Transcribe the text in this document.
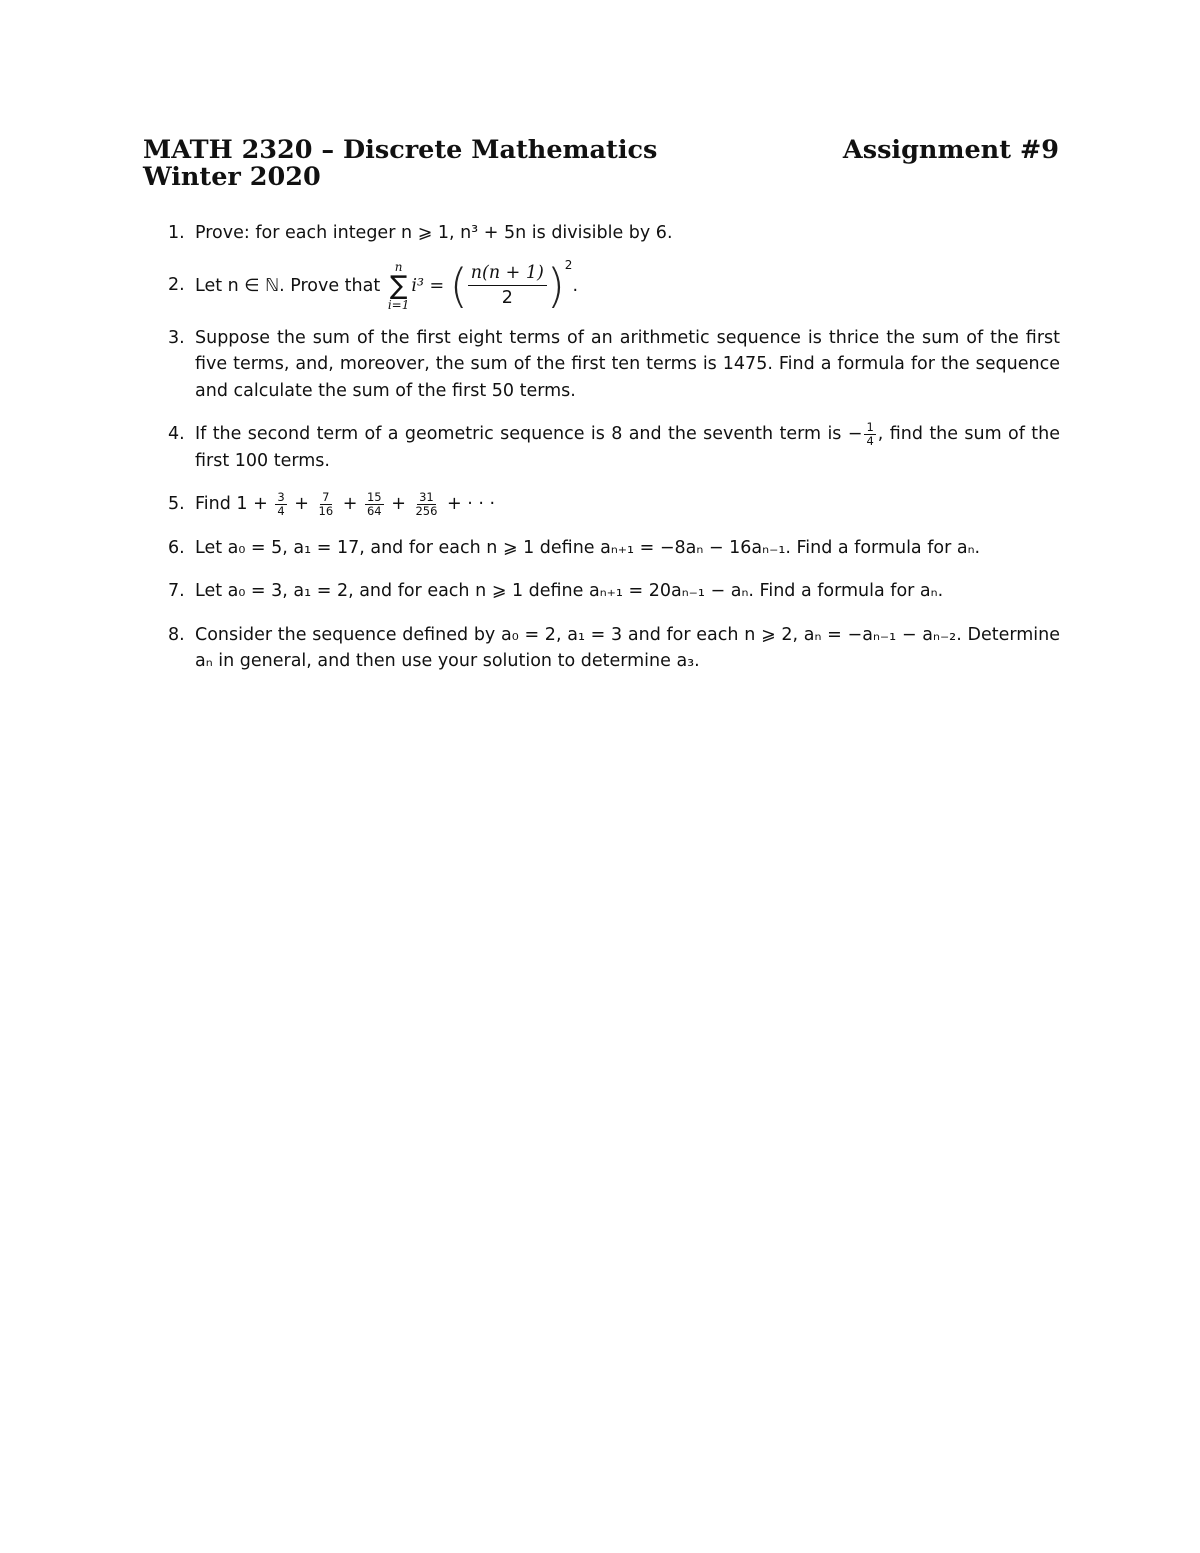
MATH 2320 – Discrete Mathematics	Assignment #9
Winter 2020
1. Prove: for each integer n ⩾ 1, n³ + 5n is divisible by 6.
2. Let n ∈ ℕ. Prove that
n
∑
i=1
i³ = ( $\frac{n(n + 1)}{2} )^2$.
3. Suppose the sum of the first eight terms of an arithmetic sequence is thrice the sum of the first five terms, and, moreover, the sum of the first ten terms is 1475. Find a formula for the sequence and calculate the sum of the first 50 terms.
4. If the second term of a geometric sequence is 8 and the seventh term is − $\frac{1}{4}$ , find the sum of the first 100 terms.
5. Find $1 + \frac{3}{4} + \frac{7}{16} + \frac{15}{64} + \frac{31}{256}$ + · · ·
6. Let a₀ = 5, a₁ = 17, and for each n ⩾ 1 define aₙ₊₁ = −8aₙ − 16aₙ₋₁. Find a formula for aₙ.
7. Let a₀ = 3, a₁ = 2, and for each n ⩾ 1 define aₙ₊₁ = 20aₙ₋₁ − aₙ. Find a formula for aₙ.
8. Consider the sequence defined by a₀ = 2, a₁ = 3 and for each n ⩾ 2, aₙ = −aₙ₋₁ − aₙ₋₂. Determine aₙ in general, and then use your solution to determine a₃.
